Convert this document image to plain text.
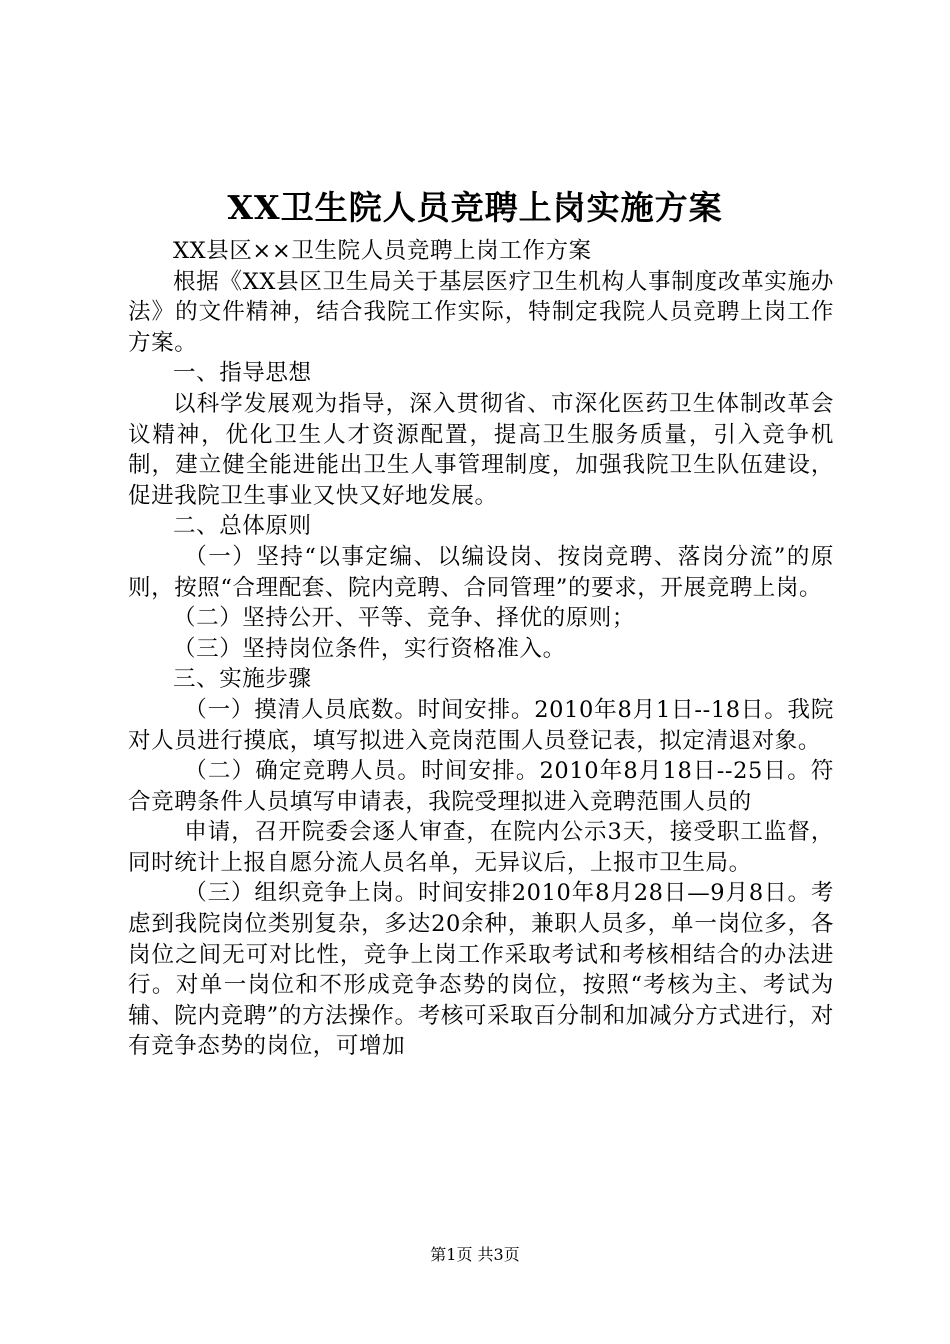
XX卫生院人员竞聘上岗实施方案

XX县区××卫生院人员竞聘上岗工作方案

根据《XX县区卫生局关于基层医疗卫生机构人事制度改革实施办法》的文件精神，结合我院工作实际，特制定我院人员竞聘上岗工作方案。

一、指导思想

以科学发展观为指导，深入贯彻省、市深化医药卫生体制改革会议精神，优化卫生人才资源配置，提高卫生服务质量，引入竞争机制，建立健全能进能出卫生人事管理制度，加强我院卫生队伍建设，促进我院卫生事业又快又好地发展。

二、总体原则

（一）坚持“以事定编、以编设岗、按岗竞聘、落岗分流”的原则，按照“合理配套、院内竞聘、合同管理”的要求，开展竞聘上岗。

（二）坚持公开、平等、竞争、择优的原则；

（三）坚持岗位条件，实行资格准入。

三、实施步骤

（一）摸清人员底数。时间安排。2010年8月1日--18日。我院对人员进行摸底，填写拟进入竞岗范围人员登记表，拟定清退对象。

（二）确定竞聘人员。时间安排。2010年8月18日--25日。符合竞聘条件人员填写申请表，我院受理拟进入竞聘范围人员的

申请，召开院委会逐人审查，在院内公示3天，接受职工监督，同时统计上报自愿分流人员名单，无异议后，上报市卫生局。

（三）组织竞争上岗。时间安排2010年8月28日—9月8日。考虑到我院岗位类别复杂，多达20余种，兼职人员多，单一岗位多，各岗位之间无可对比性，竞争上岗工作采取考试和考核相结合的办法进行。对单一岗位和不形成竞争态势的岗位，按照“考核为主、考试为辅、院内竞聘”的方法操作。考核可采取百分制和加减分方式进行，对有竞争态势的岗位，可增加

第1页 共3页
